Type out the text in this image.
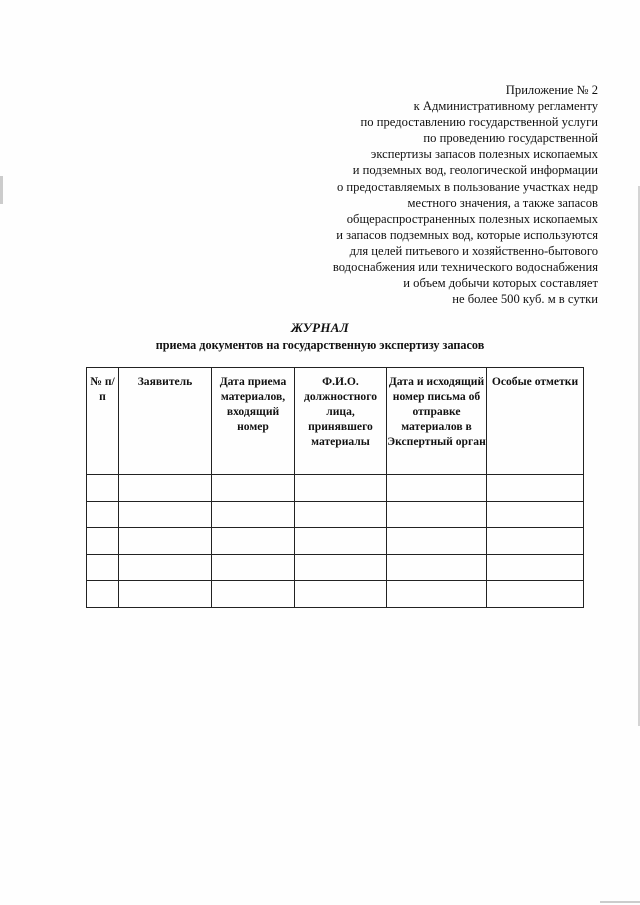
Приложение № 2
к Административному регламенту
по предоставлению государственной услуги
по проведению государственной
экспертизы запасов полезных ископаемых
и подземных вод, геологической информации
о предоставляемых в пользование участках недр
местного значения, а также запасов
общераспространенных полезных ископаемых
и запасов подземных вод, которые используются
для целей питьевого и хозяйственно-бытового
водоснабжения или технического водоснабжения
и объем добычи которых составляет
не более 500 куб. м в сутки
ЖУРНАЛ
приема документов на государственную экспертизу запасов
№ п/п	Заявитель	Дата приема материалов, входящий номер	Ф.И.О. должностного лица, принявшего материалы	Дата и исходящий номер письма об отправке материалов в Экспертный орган	Особые отметки
